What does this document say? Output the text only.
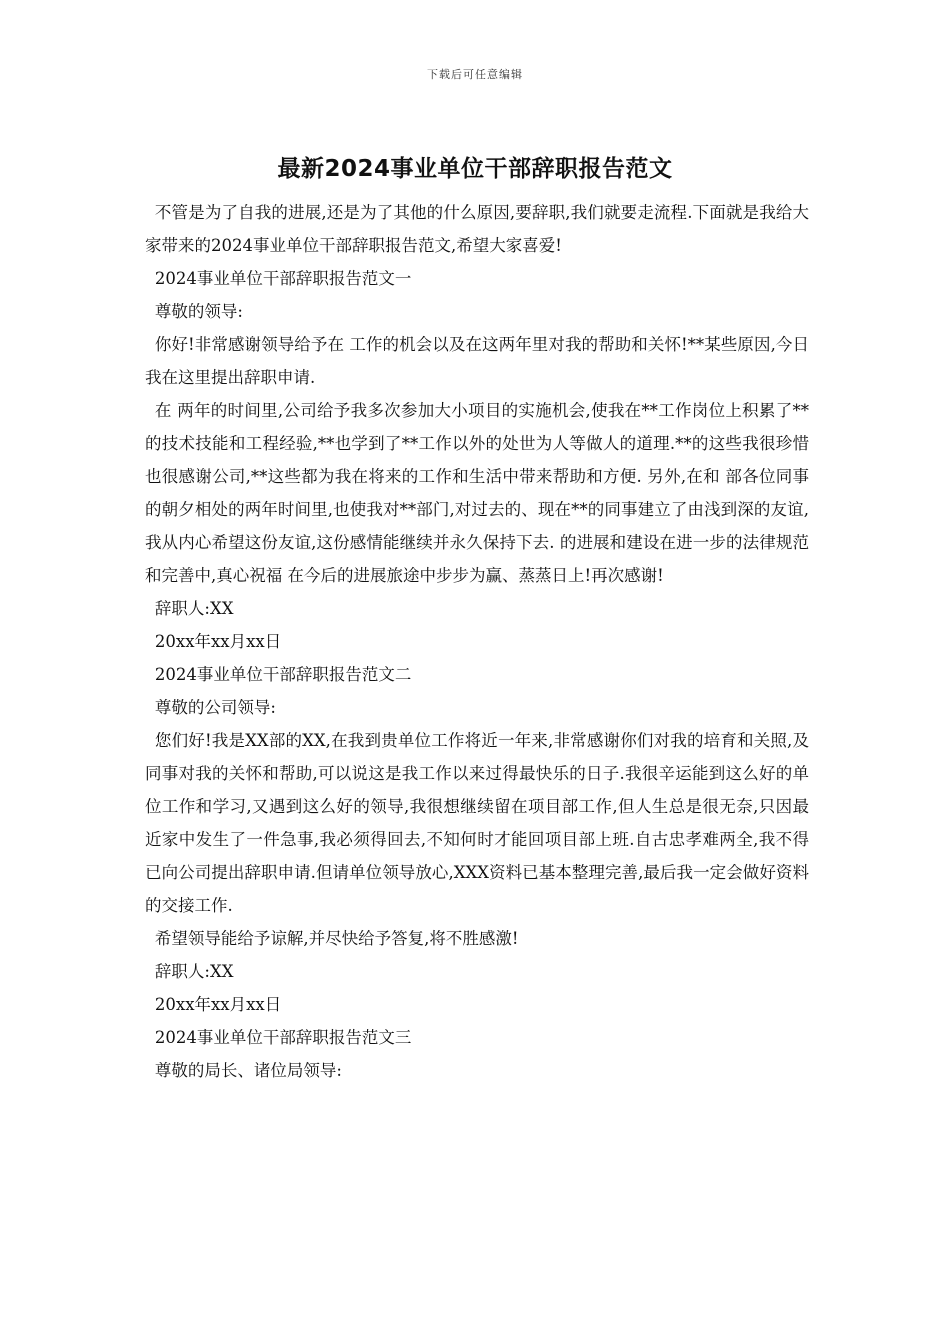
下载后可任意编辑
最新2024事业单位干部辞职报告范文

不管是为了自我的进展,还是为了其他的什么原因,要辞职,我们就要走流程.下面就是我给大家带来的2024事业单位干部辞职报告范文,希望大家喜爱!

2024事业单位干部辞职报告范文一

尊敬的领导:

你好!非常感谢领导给予在 工作的机会以及在这两年里对我的帮助和关怀!**某些原因,今日我在这里提出辞职申请.

在 两年的时间里,公司给予我多次参加大小项目的实施机会,使我在**工作岗位上积累了**的技术技能和工程经验,**也学到了**工作以外的处世为人等做人的道理.**的这些我很珍惜也很感谢公司,**这些都为我在将来的工作和生活中带来帮助和方便. 另外,在和 部各位同事的朝夕相处的两年时间里,也使我对**部门,对过去的、现在**的同事建立了由浅到深的友谊,我从内心希望这份友谊,这份感情能继续并永久保持下去. 的进展和建设在进一步的法律规范和完善中,真心祝福 在今后的进展旅途中步步为赢、蒸蒸日上!再次感谢!

辞职人:XX

20xx年xx月xx日

2024事业单位干部辞职报告范文二

尊敬的公司领导:

您们好!我是XX部的XX,在我到贵单位工作将近一年来,非常感谢你们对我的培育和关照,及同事对我的关怀和帮助,可以说这是我工作以来过得最快乐的日子.我很辛运能到这么好的单位工作和学习,又遇到这么好的领导,我很想继续留在项目部工作,但人生总是很无奈,只因最近家中发生了一件急事,我必须得回去,不知何时才能回项目部上班.自古忠孝难两全,我不得已向公司提出辞职申请.但请单位领导放心,XXX资料已基本整理完善,最后我一定会做好资料的交接工作.

希望领导能给予谅解,并尽快给予答复,将不胜感激!

辞职人:XX

20xx年xx月xx日

2024事业单位干部辞职报告范文三

尊敬的局长、诸位局领导:
